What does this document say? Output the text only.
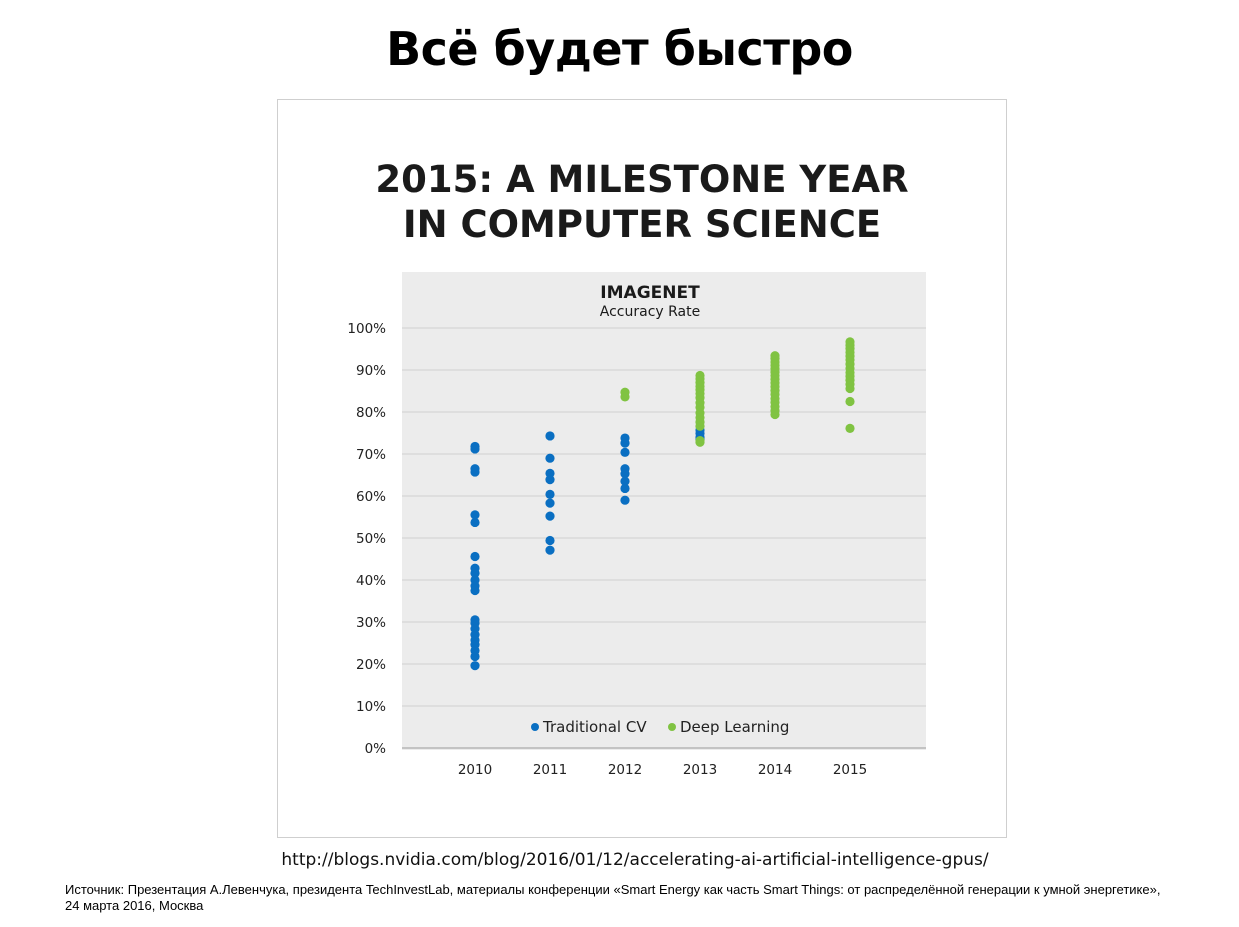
Всё будет быстро
2015: A MILESTONE YEAR
IN COMPUTER SCIENCE
0%
10%
20%
30%
40%
50%
60%
70%
80%
90%
100%
2010	2011	2012	2013	2014	2015
IMAGENET
Accuracy Rate
Traditional CV Deep Learning
http://blogs.nvidia.com/blog/2016/01/12/accelerating-ai-artificial-intelligence-gpus/
Источник: Презентация А.Левенчука, президента TechInvestLab, материалы конференции «Smart Energy как часть Smart Things: от распределённой генерации к умной энергетике», 24 марта 2016, Москва
